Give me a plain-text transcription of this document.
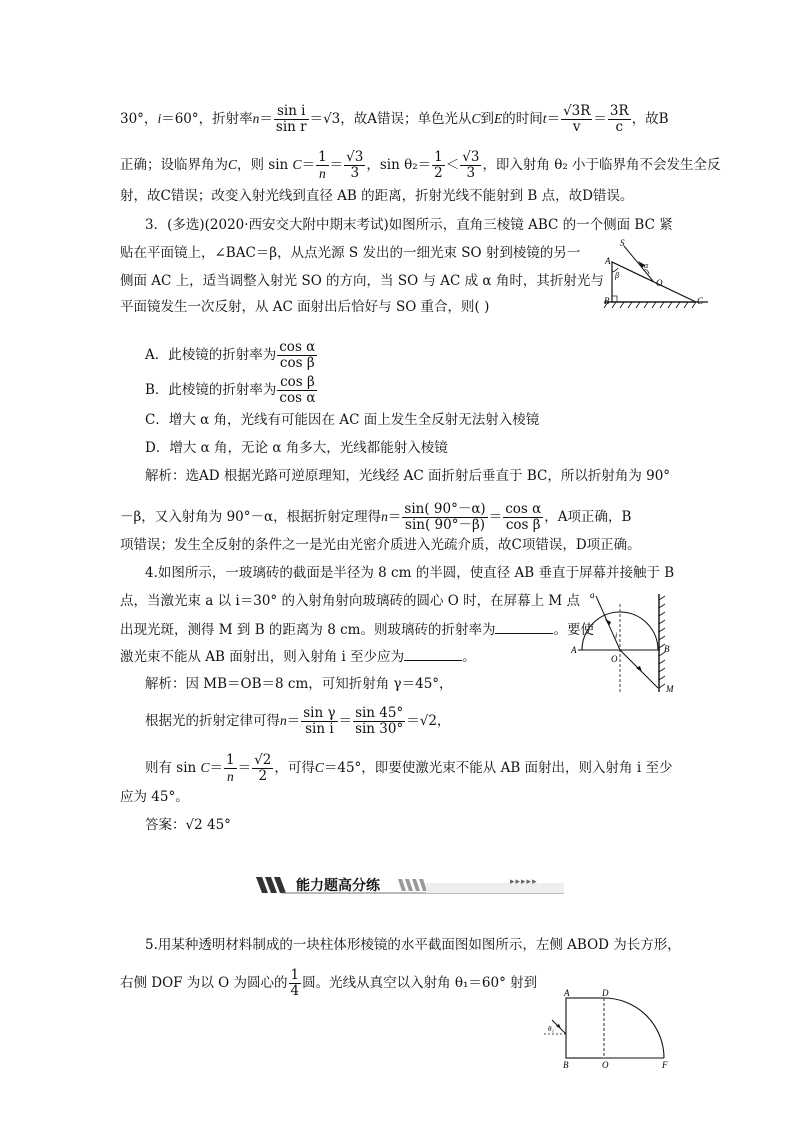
30°，i＝60°，折射率$n= \frac{\text{sin i}}{\text{sin r}} =√3$，故A错误；单色光从C到E的时间$t= \frac{√3R}{v} = \frac{3R}{c}$ ，故B
正确；设临界角为C，则 $\sin C= \frac{1}{n} = \frac{√3}{3}$ ，$\sin \theta_2= \frac{1}{2} < \frac{√3}{3}$ ，即入射角 θ₂ 小于临界角不会发生全反
射，故C错误；改变入射光线到直径 AB 的距离，折射光线不能射到 B 点，故D错误。
3．(多选)(2020·西安交大附中期末考试)如图所示，直角三棱镜 ABC 的一个侧面 BC 紧
贴在平面镜上，∠BAC＝β，从点光源 S 发出的一细光束 SO 射到棱镜的另一
侧面 AC 上，适当调整入射光 SO 的方向，当 SO 与 AC 成 α 角时，其折射光与
平面镜发生一次反射，从 AC 面射出后恰好与 SO 重合，则( )
S
A
B	C
O
α
β
A．此棱镜的折射率为 $\frac{\text{cos α}}{\text{cos β}}$
B．此棱镜的折射率为 $\frac{\text{cos β}}{\text{cos α}}$
C．增大 α 角，光线有可能因在 AC 面上发生全反射无法射入棱镜
D．增大 α 角，无论 α 角多大，光线都能射入棱镜
解析：选AD 根据光路可逆原理知，光线经 AC 面折射后垂直于 BC，所以折射角为 90°
－β，又入射角为 90°－α，根据折射定理得$n= \frac{\sin( 90^\circ-\alpha)}{\sin( 90^\circ-\beta)} = \frac{\text{cos α}}{\text{cos β}}$ ，A项正确，B
项错误；发生全反射的条件之一是光由光密介质进入光疏介质，故C项错误，D项正确。
4.如图所示，一玻璃砖的截面是半径为 8 cm 的半圆，使直径 AB 垂直于屏幕并接触于 B
点，当激光束 a 以 i＝30° 的入射角射向玻璃砖的圆心 O 时，在屏幕上 M 点
出现光斑，测得 M 到 B 的距离为 8 cm。则玻璃砖的折射率为	。要使
激光束不能从 AB 面射出，则入射角 i 至少应为	。
a
A	B
O
M
i
解析：因 MB＝OB＝8 cm，可知折射角 γ＝45°，
根据光的折射定律可得$n= \frac{\text{sin γ}}{\text{sin i}} = \frac{\sin 45^\circ}{\sin 30^\circ} =√2$，
则有 $\sin C= \frac{1}{n} = \frac{√2}{2}$ ，可得C＝45°，即要使激光束不能从 AB 面射出，则入射角 i 至少
应为 45°。
答案：√2 45°
能力题高分练	▸▸▸▸▸
5.用某种透明材料制成的一块柱体形棱镜的水平截面图如图所示，左侧 ABOD 为长方形，
右侧 DOF 为以 O 为圆心的 $\frac{1}{4}$ 圆。光线从真空以入射角 θ₁＝60° 射到
A	D
B	O	F
θ₁
